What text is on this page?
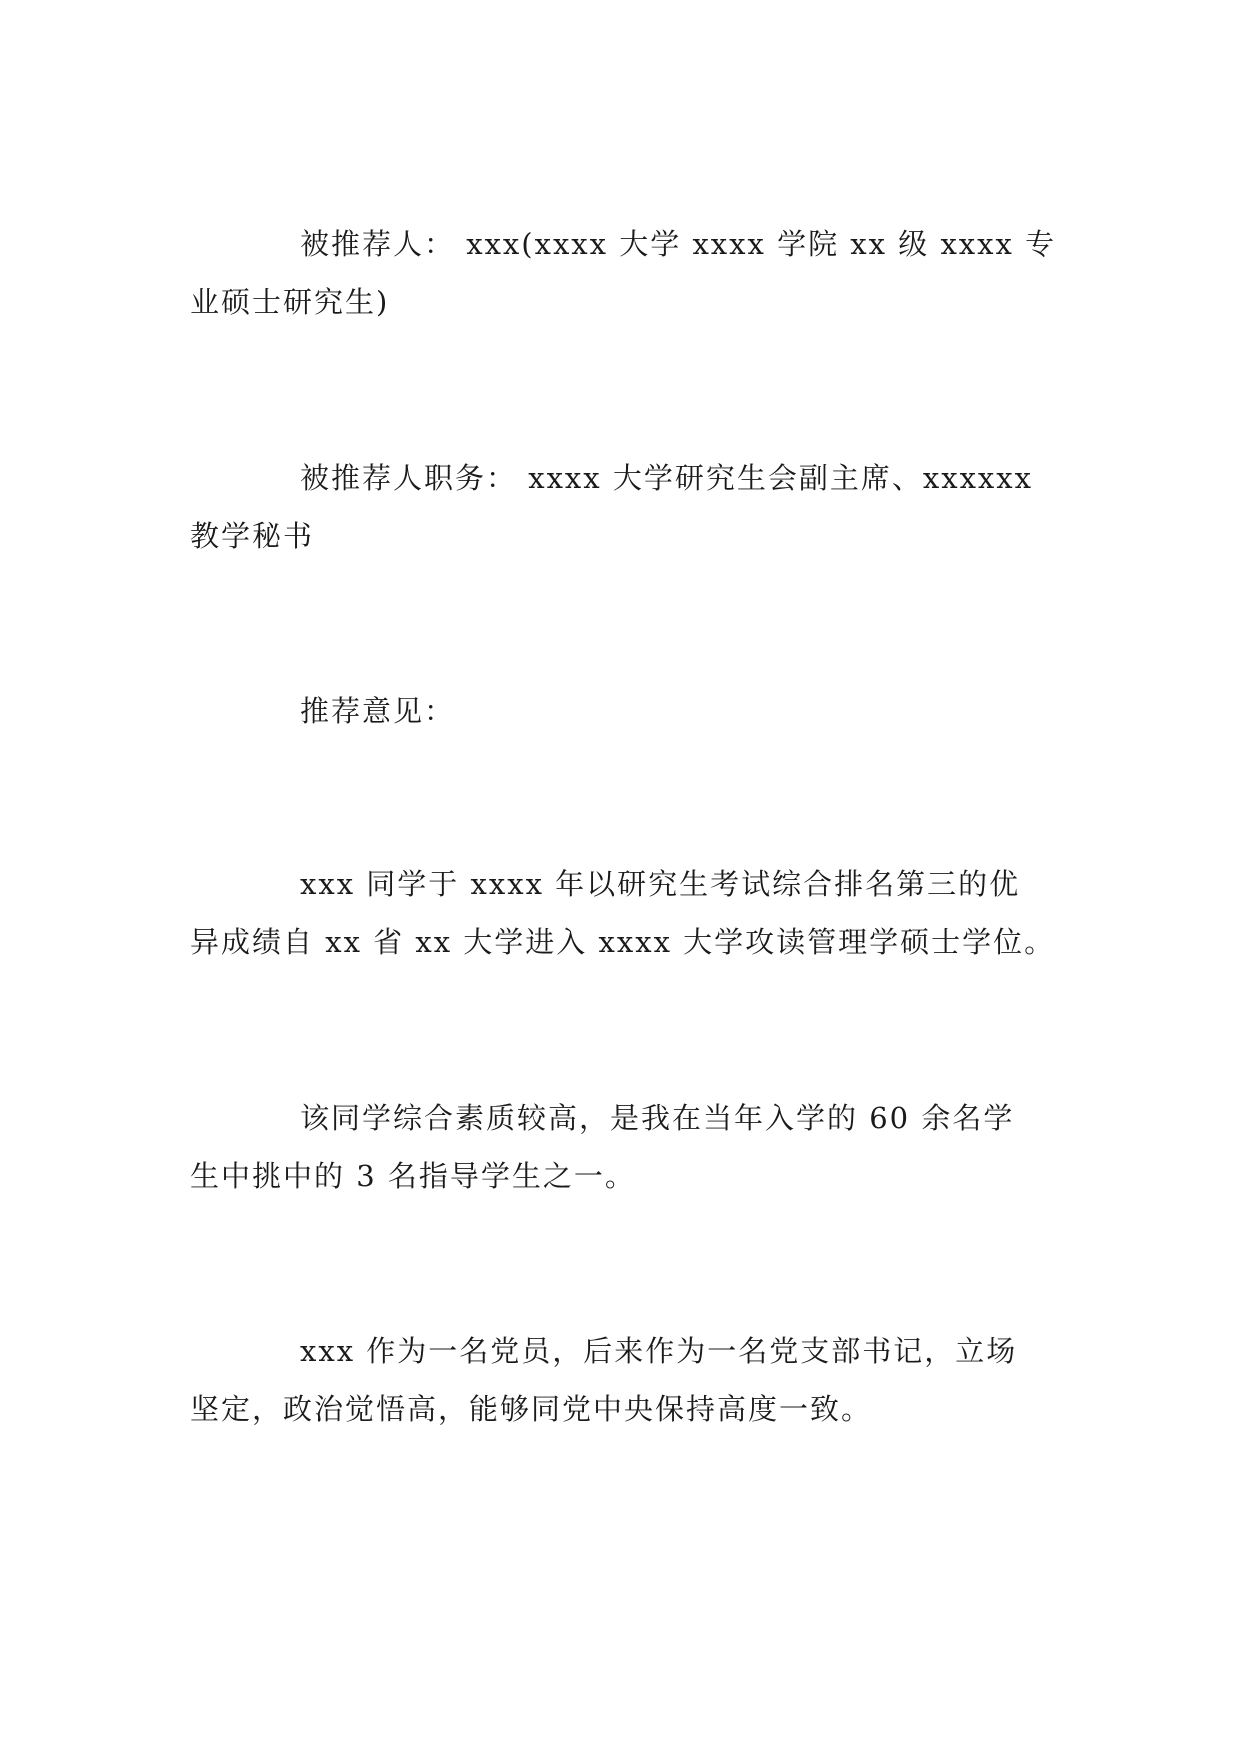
被推荐人： xxx(xxxx 大学 xxxx 学院 xx 级 xxxx 专
业硕士研究生)

被推荐人职务： xxxx 大学研究生会副主席、xxxxxx
教学秘书

推荐意见：

xxx 同学于 xxxx 年以研究生考试综合排名第三的优
异成绩自 xx 省 xx 大学进入 xxxx 大学攻读管理学硕士学位。

该同学综合素质较高，是我在当年入学的 60 余名学
生中挑中的 3 名指导学生之一。

xxx 作为一名党员，后来作为一名党支部书记，立场
坚定，政治觉悟高，能够同党中央保持高度一致。
